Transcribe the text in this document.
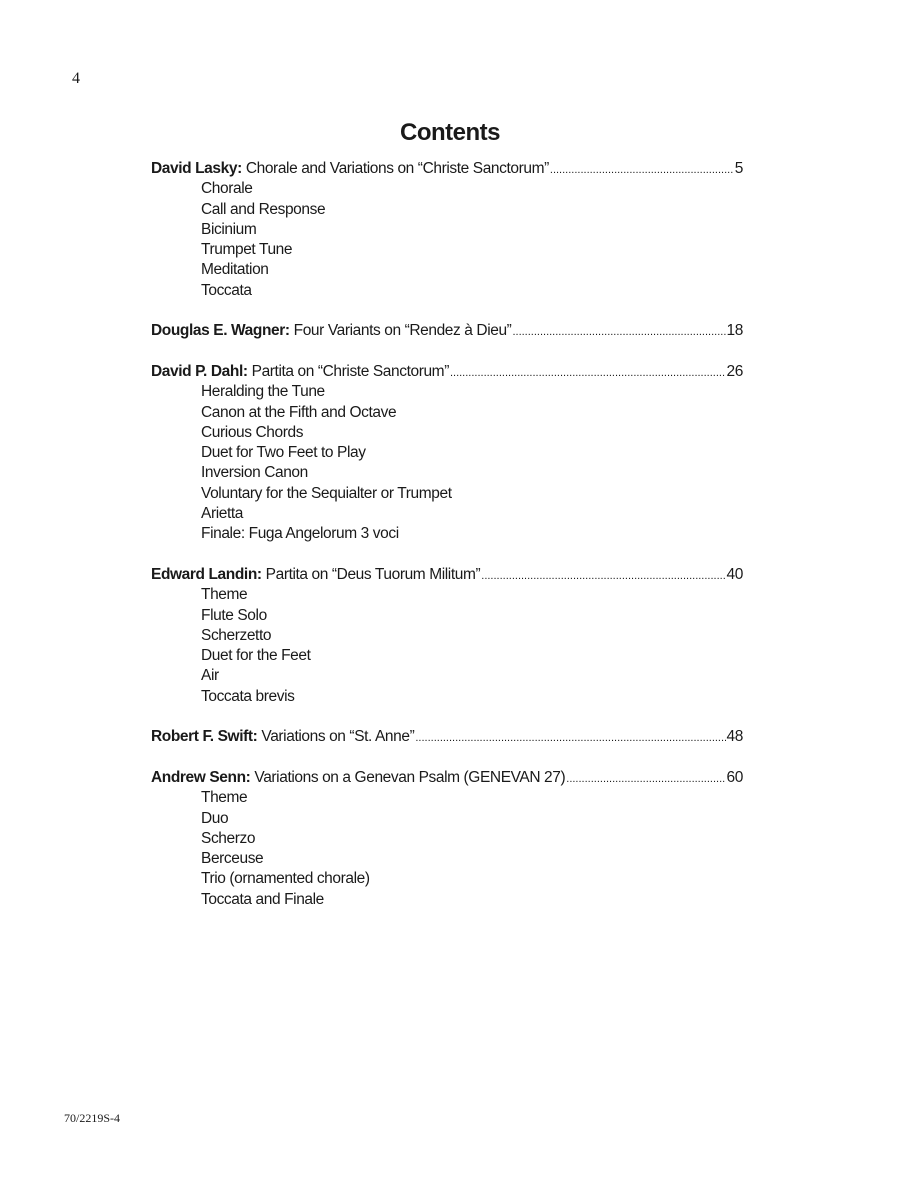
4
Contents
David Lasky: Chorale and Variations on “Christe Sanctorum” .....	5
Chorale
Call and Response
Bicinium
Trumpet Tune
Meditation
Toccata
Douglas E. Wagner: Four Variants on “Rendez à Dieu” .....	18
David P. Dahl: Partita on “Christe Sanctorum” .....	26
Heralding the Tune
Canon at the Fifth and Octave
Curious Chords
Duet for Two Feet to Play
Inversion Canon
Voluntary for the Sequialter or Trumpet
Arietta
Finale: Fuga Angelorum 3 voci
Edward Landin: Partita on “Deus Tuorum Militum” .....	40
Theme
Flute Solo
Scherzetto
Duet for the Feet
Air
Toccata brevis
Robert F. Swift: Variations on “St. Anne” .....	48
Andrew Senn: Variations on a Genevan Psalm (GENEVAN 27) .....	60
Theme
Duo
Scherzo
Berceuse
Trio (ornamented chorale)
Toccata and Finale
70/2219S-4
